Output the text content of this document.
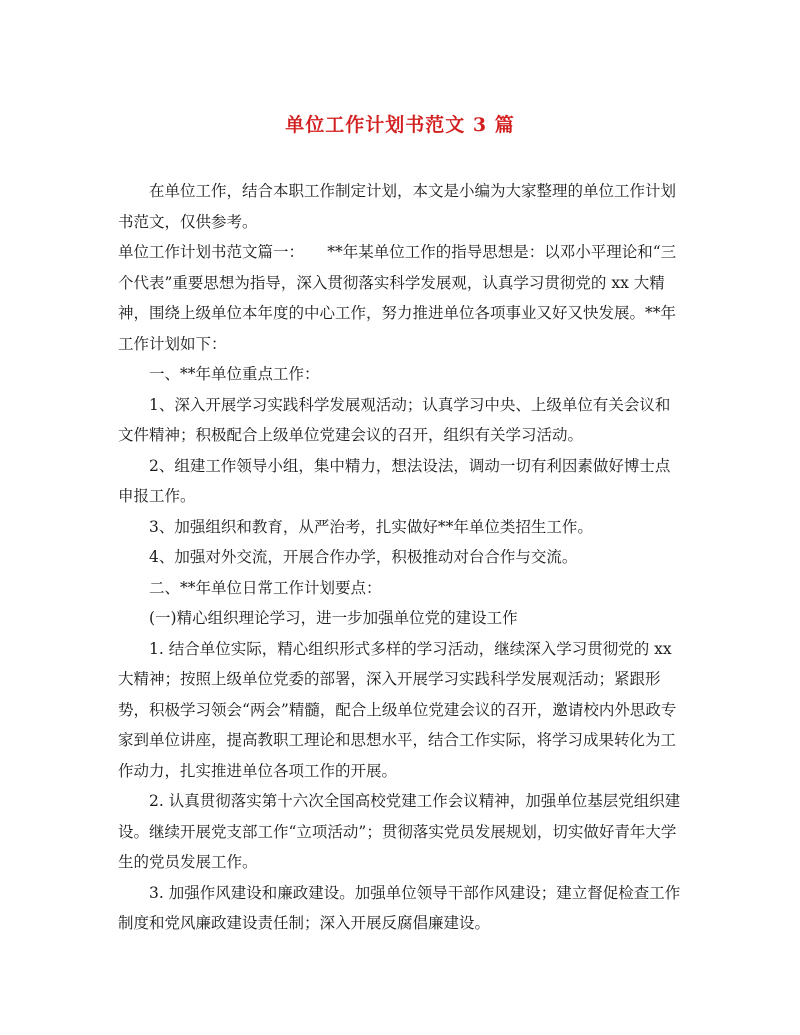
单位工作计划书范文 3 篇

在单位工作，结合本职工作制定计划，本文是小编为大家整理的单位工作计划书范文，仅供参考。

单位工作计划书范文篇一：　　**年某单位工作的指导思想是：以邓小平理论和“三个代表”重要思想为指导，深入贯彻落实科学发展观，认真学习贯彻党的 xx 大精神，围绕上级单位本年度的中心工作，努力推进单位各项事业又好又快发展。**年工作计划如下：

一、**年单位重点工作：

1、深入开展学习实践科学发展观活动；认真学习中央、上级单位有关会议和文件精神；积极配合上级单位党建会议的召开，组织有关学习活动。

2、组建工作领导小组，集中精力，想法设法，调动一切有利因素做好博士点申报工作。

3、加强组织和教育，从严治考，扎实做好**年单位类招生工作。

4、加强对外交流，开展合作办学，积极推动对台合作与交流。

二、**年单位日常工作计划要点：

(一)精心组织理论学习，进一步加强单位党的建设工作

1. 结合单位实际，精心组织形式多样的学习活动，继续深入学习贯彻党的 xx 大精神；按照上级单位党委的部署，深入开展学习实践科学发展观活动；紧跟形势，积极学习领会“两会”精髓，配合上级单位党建会议的召开，邀请校内外思政专家到单位讲座，提高教职工理论和思想水平，结合工作实际，将学习成果转化为工作动力，扎实推进单位各项工作的开展。

2. 认真贯彻落实第十六次全国高校党建工作会议精神，加强单位基层党组织建设。继续开展党支部工作“立项活动”；贯彻落实党员发展规划，切实做好青年大学生的党员发展工作。

3. 加强作风建设和廉政建设。加强单位领导干部作风建设；建立督促检查工作制度和党风廉政建设责任制；深入开展反腐倡廉建设。
